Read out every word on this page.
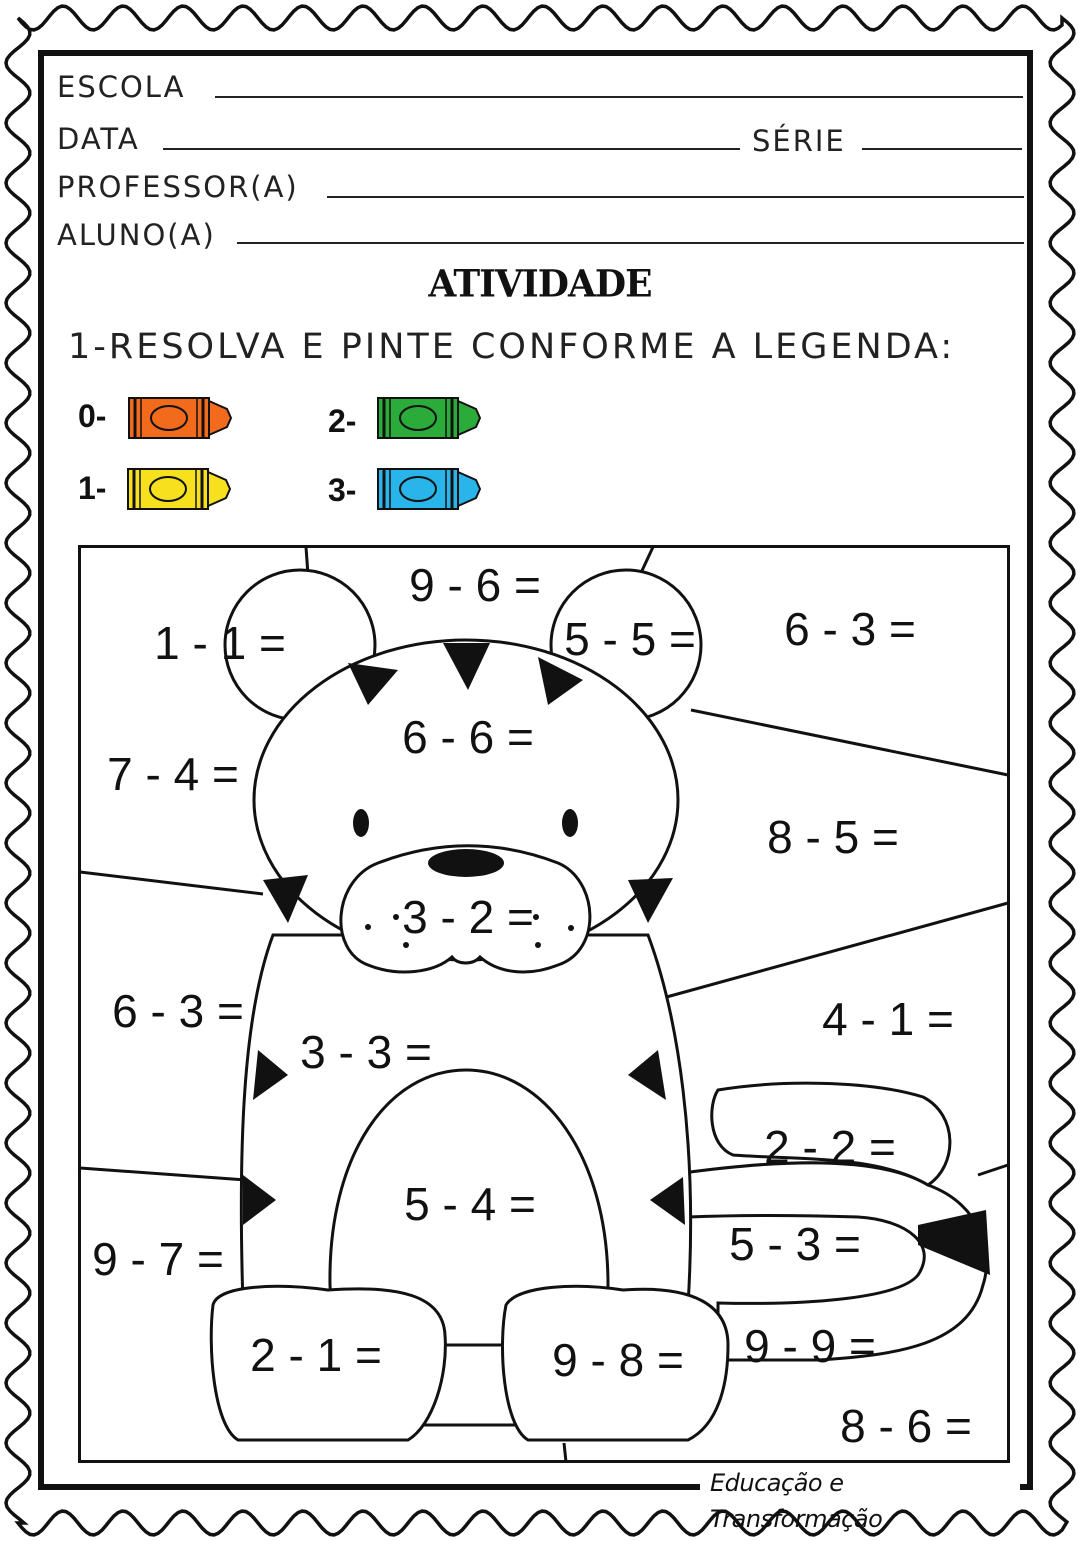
ESCOLA
DATA	SÉRIE
PROFESSOR(A)
ALUNO(A)
ATIVIDADE
1-RESOLVA E PINTE CONFORME A LEGENDA:
0-	2-
1-	3-
1 - 1 =
9 - 6 =
5 - 5 = 6 - 3 =
6 - 6 =
7 - 4 =
8 - 5 =
3 - 2 =
6 - 3 =	4 - 1 =
3 - 3 =
2 - 2 =
5 - 4 =
5 - 3 =
9 - 7 =
2 - 1 =	9 - 8 = 9 - 9 =
8 - 6 =
Educação e Transformação
